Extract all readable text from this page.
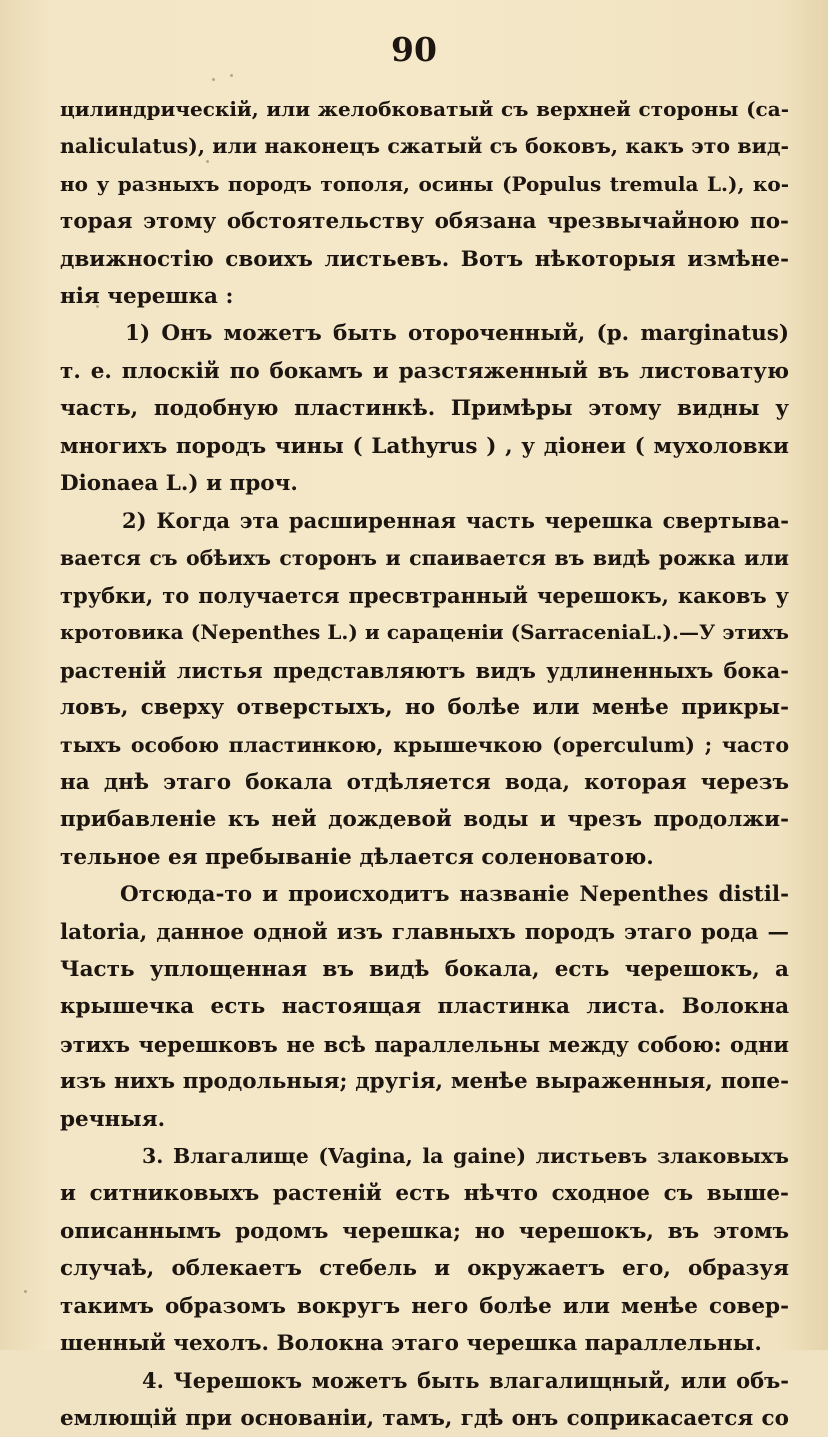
90
цилиндрическій, или желобковатый съ верхней стороны (ca-
naliculatus), или наконецъ сжатый съ боковъ, какъ это вид-
но у разныхъ породъ тополя, осины (Populus tremula L.), ко-
торая этому обстоятельству обязана чрезвычайною по-
движностію своихъ листьевъ. Вотъ нѣкоторыя измѣне-
нія черешка :
1) Онъ можетъ быть отороченный, (p. marginatus)
т. е. плоскій по бокамъ и разстяженный въ листоватую
часть, подобную пластинкѣ. Примѣры этому видны у
многихъ породъ чины ( Lathyrus ) , у діонеи ( мухоловки
Dionaea L.) и проч.
2) Когда эта расширенная часть черешка свертыва-
вается съ обѣихъ сторонъ и спаивается въ видѣ рожка или
трубки, то получается пресвтранный черешокъ, каковъ у
кротовика (Nepenthes L.) и сараценіи (SarraceniaL.).—У этихъ
растеній листья представляютъ видъ удлиненныхъ бока-
ловъ, сверху отверстыхъ, но болѣе или менѣе прикры-
тыхъ особою пластинкою, крышечкою (operculum) ; часто
на днѣ этаго бокала отдѣляется вода, которая черезъ
прибавленіе къ ней дождевой воды и чрезъ продолжи-
тельное ея пребываніе дѣлается соленоватою.
Отсюда-то и происходитъ названіе Nepenthes distil-
latoria, данное одной изъ главныхъ породъ этаго рода —
Часть уплощенная въ видѣ бокала, есть черешокъ, а
крышечка есть настоящая пластинка листа. Волокна
этихъ черешковъ не всѣ параллельны между собою: одни
изъ нихъ продольныя; другія, менѣе выраженныя, попе-
речныя.
3. Влагалище (Vagina, la gaine) листьевъ злаковыхъ
и ситниковыхъ растеній есть нѣчто сходное съ выше-
описаннымъ родомъ черешка; но черешокъ, въ этомъ
случаѣ, облекаетъ стебель и окружаетъ его, образуя
такимъ образомъ вокругъ него болѣе или менѣе совер-
шенный чехолъ. Волокна этаго черешка параллельны.
4. Черешокъ можетъ быть влагалищный, или объ-
емлющій при основаніи, тамъ, гдѣ онъ соприкасается со
